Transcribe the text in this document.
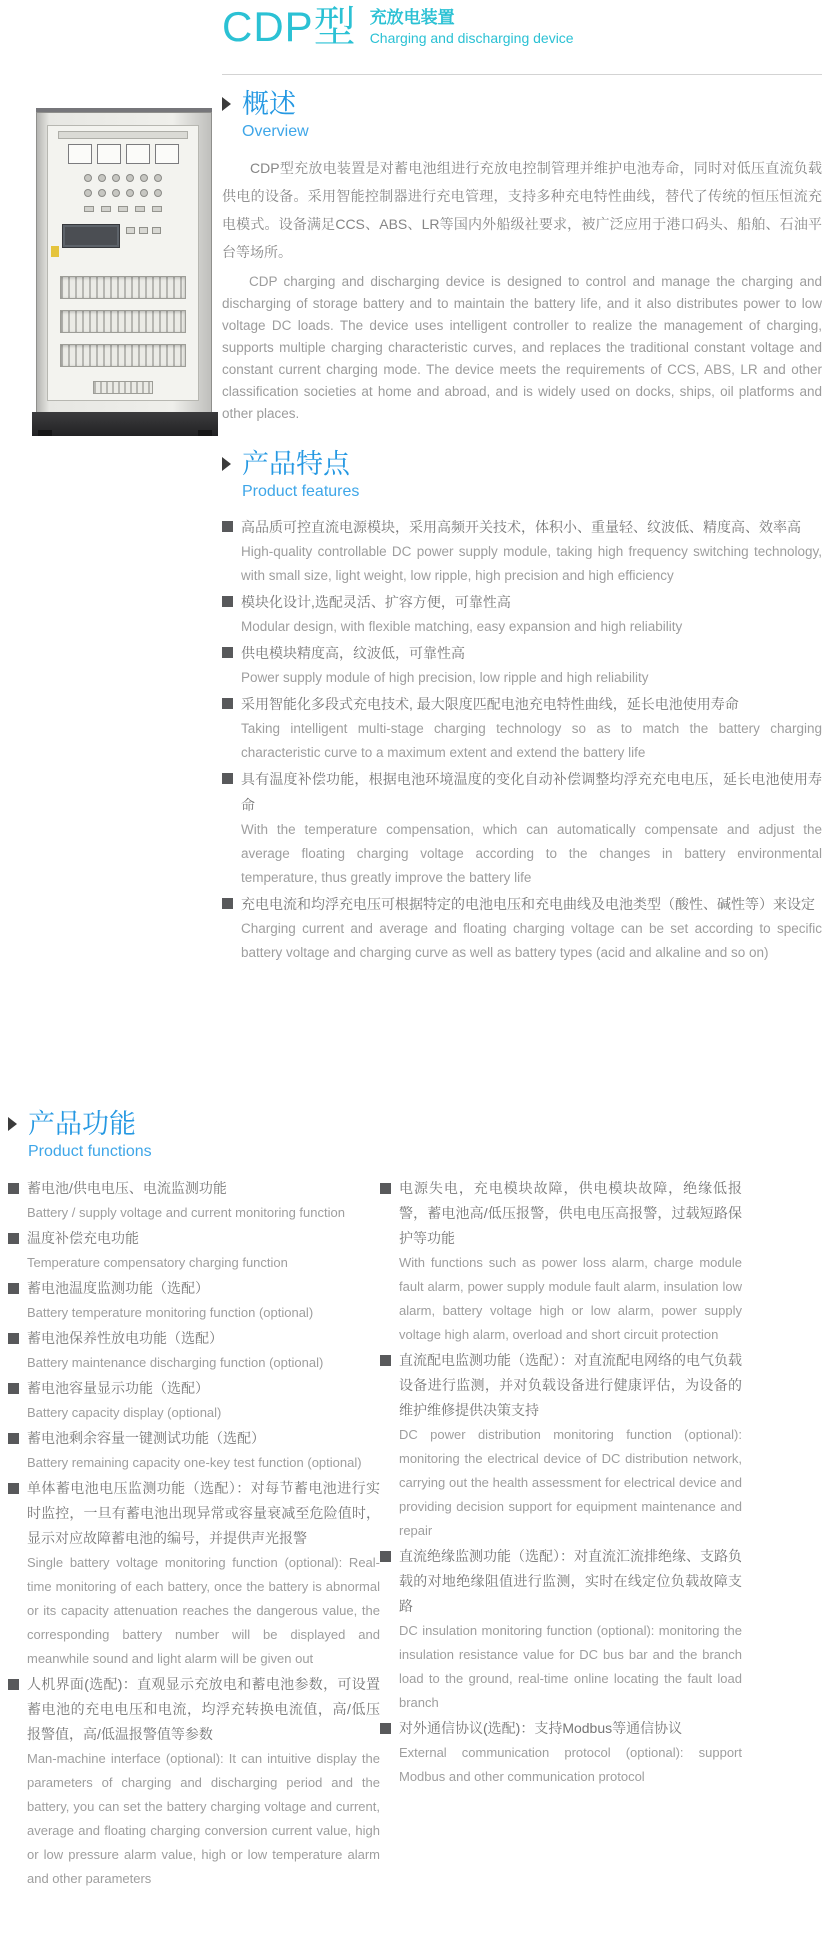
CDP型 充放电装置
Charging and discharging device
概述
Overview

CDP型充放电装置是对蓄电池组进行充放电控制管理并维护电池寿命，同时对低压直流负载供电的设备。采用智能控制器进行充电管理，支持多种充电特性曲线，替代了传统的恒压恒流充电模式。设备满足CCS、ABS、LR等国内外船级社要求，被广泛应用于港口码头、船舶、石油平台等场所。

CDP charging and discharging device is designed to control and manage the charging and discharging of storage battery and to maintain the battery life, and it also distributes power to low voltage DC loads. The device uses intelligent controller to realize the management of charging, supports multiple charging characteristic curves, and replaces the traditional constant voltage and constant current charging mode. The device meets the requirements of CCS, ABS, LR and other classification societies at home and abroad, and is widely used on docks, ships, oil platforms and other places.

产品特点
Product features

高品质可控直流电源模块，采用高频开关技术，体积小、重量轻、纹波低、精度高、效率高

High-quality controllable DC power supply module, taking high frequency switching technology, with small size, light weight, low ripple, high precision and high efficiency

模块化设计,选配灵活、扩容方便，可靠性高

Modular design, with flexible matching, easy expansion and high reliability

供电模块精度高，纹波低，可靠性高

Power supply module of high precision, low ripple and high reliability

采用智能化多段式充电技术, 最大限度匹配电池充电特性曲线，延长电池使用寿命

Taking intelligent multi-stage charging technology so as to match the battery charging characteristic curve to a maximum extent and extend the battery life

具有温度补偿功能，根据电池环境温度的变化自动补偿调整均浮充充电电压，延长电池使用寿命

With the temperature compensation, which can automatically compensate and adjust the average floating charging voltage according to the changes in battery environmental temperature, thus greatly improve the battery life

充电电流和均浮充电压可根据特定的电池电压和充电曲线及电池类型（酸性、碱性等）来设定

Charging current and average and floating charging voltage can be set according to specific battery voltage and charging curve as well as battery types (acid and alkaline and so on)

产品功能
Product functions

蓄电池/供电电压、电流监测功能

Battery / supply voltage and current monitoring function

温度补偿充电功能

Temperature compensatory charging function

蓄电池温度监测功能（选配）

Battery temperature monitoring function (optional)

蓄电池保养性放电功能（选配）

Battery maintenance discharging function (optional)

蓄电池容量显示功能（选配）

Battery capacity display (optional)

蓄电池剩余容量一键测试功能（选配）

Battery remaining capacity one-key test function (optional)

单体蓄电池电压监测功能（选配）：对每节蓄电池进行实时监控，一旦有蓄电池出现异常或容量衰减至危险值时，显示对应故障蓄电池的编号，并提供声光报警

Single battery voltage monitoring function (optional): Real-time monitoring of each battery, once the battery is abnormal or its capacity attenuation reaches the dangerous value, the corresponding battery number will be displayed and meanwhile sound and light alarm will be given out

人机界面(选配)：直观显示充放电和蓄电池参数，可设置蓄电池的充电电压和电流，均浮充转换电流值，高/低压报警值，高/低温报警值等参数

Man-machine interface (optional): It can intuitive display the parameters of charging and discharging period and the battery, you can set the battery charging voltage and current, average and floating charging conversion current value, high or low pressure alarm value, high or low temperature alarm and other parameters

电源失电，充电模块故障，供电模块故障，绝缘低报警，蓄电池高/低压报警，供电电压高报警，过载短路保护等功能

With functions such as power loss alarm, charge module fault alarm, power supply module fault alarm, insulation low alarm, battery voltage high or low alarm, power supply voltage high alarm, overload and short circuit protection

直流配电监测功能（选配）：对直流配电网络的电气负载设备进行监测，并对负载设备进行健康评估，为设备的维护维修提供决策支持

DC power distribution monitoring function (optional): monitoring the electrical device of DC distribution network, carrying out the health assessment for electrical device and providing decision support for equipment maintenance and repair

直流绝缘监测功能（选配）：对直流汇流排绝缘、支路负载的对地绝缘阻值进行监测，实时在线定位负载故障支路

DC insulation monitoring function (optional): monitoring the insulation resistance value for DC bus bar and the branch load to the ground, real-time online locating the fault load branch

对外通信协议(选配)：支持Modbus等通信协议

External communication protocol (optional): support Modbus and other communication protocol
